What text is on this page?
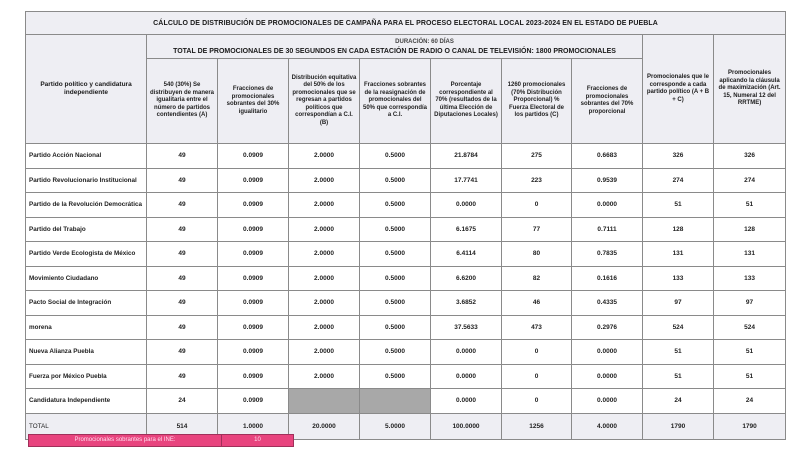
CÁLCULO DE DISTRIBUCIÓN DE PROMOCIONALES DE CAMPAÑA PARA EL PROCESO ELECTORAL LOCAL 2023-2024 EN EL ESTADO DE PUEBLA									
Partido político y candidatura independiente	DURACIÓN: 60 DÍAS
TOTAL DE PROMOCIONALES DE 30 SEGUNDOS EN CADA ESTACIÓN DE RADIO O CANAL DE TELEVISIÓN: 1800 PROMOCIONALES							Promocionales que le corresponde a cada partido político (A + B + C)	Promocionales aplicando la cláusula de maximización (Art. 15, Numeral 12 del RRTME)
	540 (30%) Se distribuyen de manera igualitaria entre el número de partidos contendientes (A)	Fracciones de promocionales sobrantes del 30% igualitario	Distribución equitativa del 50% de los promocionales que se regresan a partidos políticos que correspondían a C.I. (B)	Fracciones sobrantes de la reasignación de promocionales del 50% que correspondía a C.I.	Porcentaje correspondiente al 70% (resultados de la última Elección de Diputaciones Locales)	1260 promocionales (70% Distribución Proporcional) % Fuerza Electoral de los partidos (C)	Fracciones de promocionales sobrantes del 70% proporcional		
Partido Acción Nacional	49	0.0909	2.0000	0.5000	21.8784	275	0.6683	326	326
Partido Revolucionario Institucional	49	0.0909	2.0000	0.5000	17.7741	223	0.9539	274	274
Partido de la Revolución Democrática	49	0.0909	2.0000	0.5000	0.0000	0	0.0000	51	51
Partido del Trabajo	49	0.0909	2.0000	0.5000	6.1675	77	0.7111	128	128
Partido Verde Ecologista de México	49	0.0909	2.0000	0.5000	6.4114	80	0.7835	131	131
Movimiento Ciudadano	49	0.0909	2.0000	0.5000	6.6200	82	0.1616	133	133
Pacto Social de Integración	49	0.0909	2.0000	0.5000	3.6852	46	0.4335	97	97
morena	49	0.0909	2.0000	0.5000	37.5633	473	0.2976	524	524
Nueva Alianza Puebla	49	0.0909	2.0000	0.5000	0.0000	0	0.0000	51	51
Fuerza por México Puebla	49	0.0909	2.0000	0.5000	0.0000	0	0.0000	51	51
Candidatura Independiente	24	0.0909			0.0000	0	0.0000	24	24
TOTAL	514	1.0000	20.0000	5.0000	100.0000	1256	4.0000	1790	1790
Promocionales sobrantes para el INE:	10
